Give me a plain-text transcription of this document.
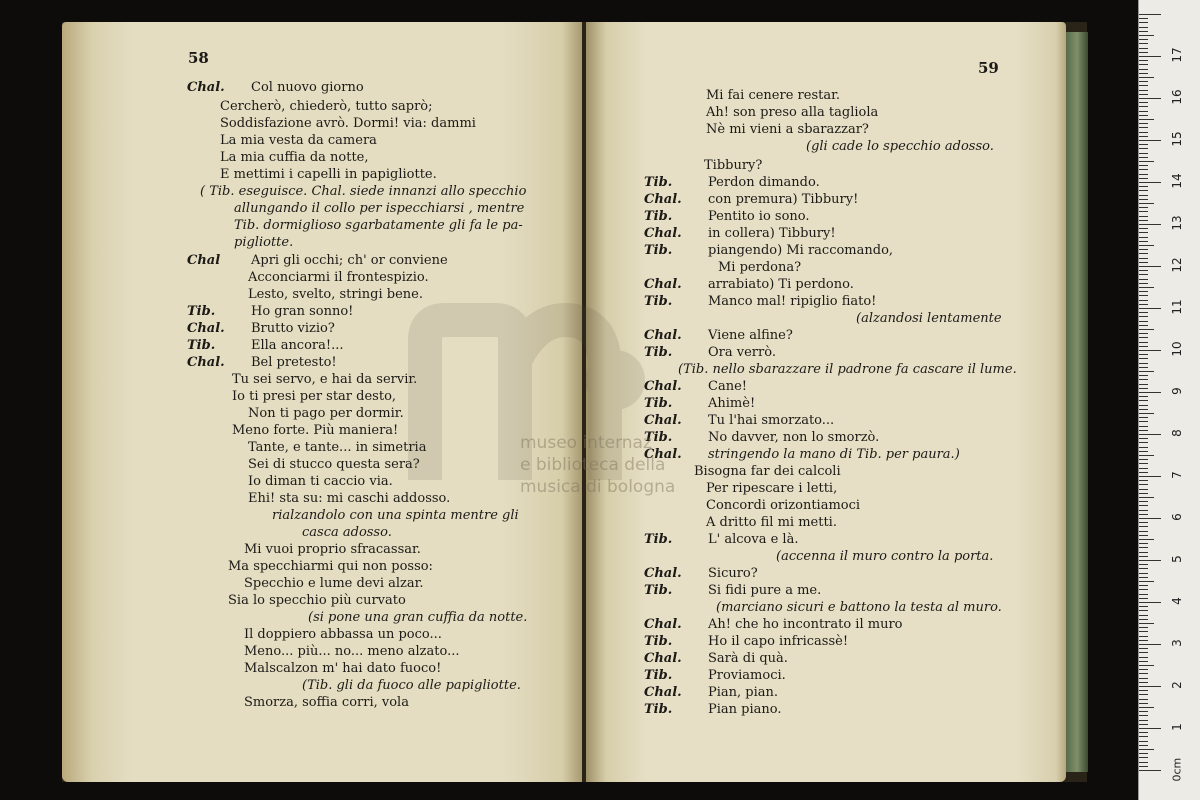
58
Chal. Col nuovo giorno
Cercherò, chiederò, tutto saprò;
Soddisfazione avrò. Dormi! via: dammi
La mia vesta da camera
La mia cuffia da notte,
E mettimi i capelli in papigliotte.
( Tib. eseguisce. Chal. siede innanzi allo specchio
allungando il collo per ispecchiarsi , mentre
Tib. dormiglioso sgarbatamente gli fa le pa-
pigliotte.
Chal Apri gli occhi; ch' or conviene
Acconciarmi il frontespizio.
Lesto, svelto, stringi bene.
Tib.	Ho gran sonno!
Chal. Brutto vizio?
Tib.	Ella ancora!...
Chal. Bel pretesto!
Tu sei servo, e hai da servir.
Io ti presi per star desto,
Non ti pago per dormir.
Meno forte. Più maniera!
Tante, e tante... in simetria
Sei di stucco questa sera?
Io diman ti caccio via.
Ehi! sta su: mi caschi addosso.
rialzandolo con una spinta mentre gli
casca adosso.
Mi vuoi proprio sfracassar.
Ma specchiarmi qui non posso:
Specchio e lume devi alzar.
Sia lo specchio più curvato
(si pone una gran cuffia da notte.
Il doppiero abbassa un poco...
Meno... più... no... meno alzato...
Malscalzon m' hai dato fuoco!
(Tib. gli da fuoco alle papigliotte.
Smorza, soffia corri, vola
59
Mi fai cenere restar.
Ah! son preso alla tagliola
Nè mi vieni a sbarazzar?
(gli cade lo specchio adosso.
Tibbury?
Tib.	Perdon dimando.
Chal. con premura) Tibbury!
Tib.	Pentito io sono.
Chal. in collera) Tibbury!
Tib.	piangendo) Mi raccomando,
Mi perdona?
Chal. arrabiato) Ti perdono.
Tib.	Manco mal! ripiglio fiato!
(alzandosi lentamente
Chal. Viene alfine?
Tib.	Ora verrò.
(Tib. nello sbarazzare il padrone fa cascare il lume.
Chal. Cane!
Tib.	Ahimè!
Chal. Tu l'hai smorzato...
Tib.	No davver, non lo smorzò.
Chal. stringendo la mano di Tib. per paura.)
Bisogna far dei calcoli
Per ripescare i letti,
Concordi orizontiamoci
A dritto fil mi metti.
Tib.	L' alcova e là.
(accenna il muro contro la porta.
Chal. Sicuro?
Tib.	Si fidi pure a me.
(marciano sicuri e battono la testa al muro.
Chal. Ah! che ho incontrato il muro
Tib.	Ho il capo infricassè!
Chal. Sarà di quà.
Tib.	Proviamoci.
Chal. Pian, pian.
Tib.	Pian piano.
museo internaz
e biblioteca della
musica di bologna
0cm
1
2
3
4
5
6
7
8
9
10
11
12
13
14
15
16
17
